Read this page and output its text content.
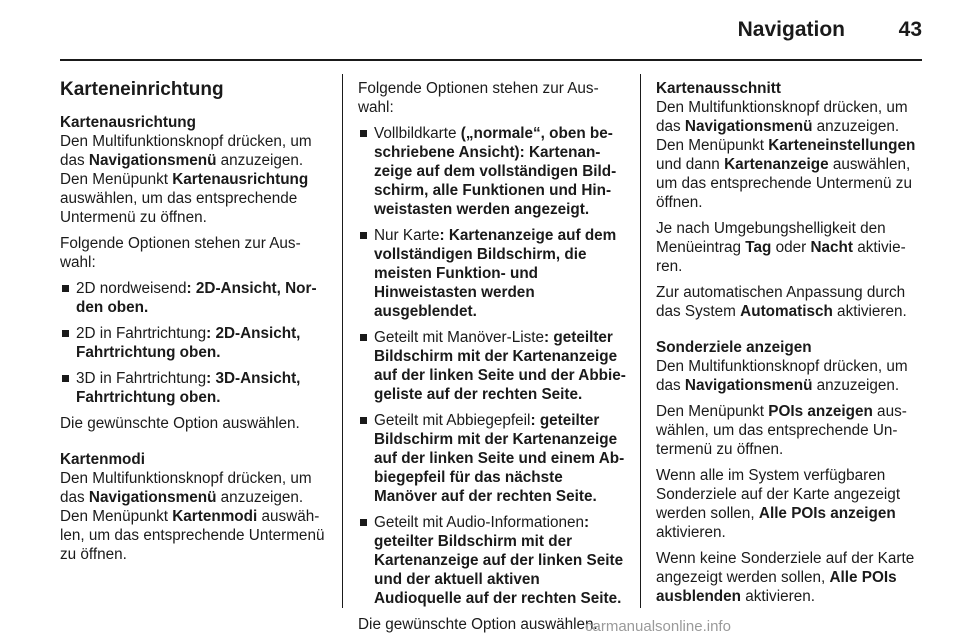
Navigation	43
Karteneinrichtung

Kartenausrichtung

Den Multifunktionsknopf drücken, um das Navigationsmenü anzuzeigen. Den Menüpunkt Kartenausrichtung auswählen, um das entsprechende Untermenü zu öffnen.

Folgende Optionen stehen zur Auswahl:

2D nordweisend: 2D-Ansicht, Norden oben.
2D in Fahrtrichtung: 2D-Ansicht, Fahrtrichtung oben.
3D in Fahrtrichtung: 3D-Ansicht, Fahrtrichtung oben.

Die gewünschte Option auswählen.

Kartenmodi

Den Multifunktionsknopf drücken, um das Navigationsmenü anzuzeigen. Den Menüpunkt Kartenmodi auswählen, um das entsprechende Untermenü zu öffnen.

Folgende Optionen stehen zur Auswahl:

Vollbildkarte („normale“, oben beschriebene Ansicht): Kartenanzeige auf dem vollständigen Bildschirm, alle Funktionen und Hinweistasten werden angezeigt.
Nur Karte: Kartenanzeige auf dem vollständigen Bildschirm, die meisten Funktion- und Hinweistasten werden ausgeblendet.
Geteilt mit Manöver-Liste: geteilter Bildschirm mit der Kartenanzeige auf der linken Seite und der Abbiegeliste auf der rechten Seite.
Geteilt mit Abbiegepfeil: geteilter Bildschirm mit der Kartenanzeige auf der linken Seite und einem Abbiegepfeil für das nächste Manöver auf der rechten Seite.
Geteilt mit Audio-Informationen: geteilter Bildschirm mit der Kartenanzeige auf der linken Seite und der aktuell aktiven Audioquelle auf der rechten Seite.

Die gewünschte Option auswählen.

Kartenausschnitt

Den Multifunktionsknopf drücken, um das Navigationsmenü anzuzeigen. Den Menüpunkt Karteneinstellungen und dann Kartenanzeige auswählen, um das entsprechende Untermenü zu öffnen.

Je nach Umgebungshelligkeit den Menüeintrag Tag oder Nacht aktivieren.

Zur automatischen Anpassung durch das System Automatisch aktivieren.

Sonderziele anzeigen

Den Multifunktionsknopf drücken, um das Navigationsmenü anzuzeigen.

Den Menüpunkt POIs anzeigen auswählen, um das entsprechende Untermenü zu öffnen.

Wenn alle im System verfügbaren Sonderziele auf der Karte angezeigt werden sollen, Alle POIs anzeigen aktivieren.

Wenn keine Sonderziele auf der Karte angezeigt werden sollen, Alle POIs ausblenden aktivieren.

carmanualsonline.info
